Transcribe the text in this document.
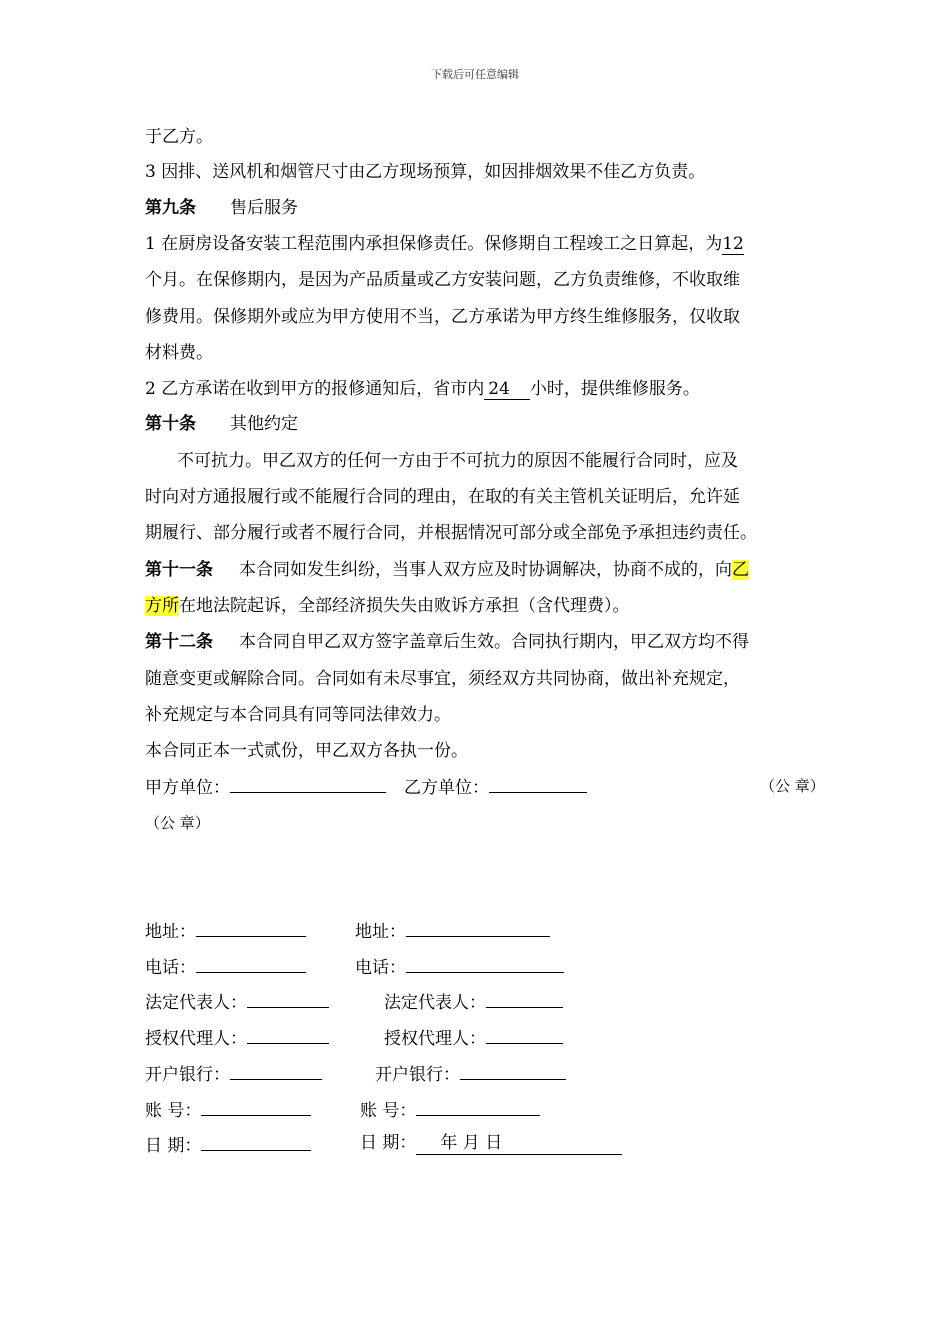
下载后可任意编辑
于乙方。
3 因排、送风机和烟管尺寸由乙方现场预算，如因排烟效果不佳乙方负责。
第九条 售后服务
1 在厨房设备安装工程范围内承担保修责任。保修期自工程竣工之日算起，为12
个月。在保修期内，是因为产品质量或乙方安装问题，乙方负责维修，不收取维
修费用。保修期外或应为甲方使用不当，乙方承诺为甲方终生维修服务，仅收取
材料费。
2 乙方承诺在收到甲方的报修通知后，省市内 24 小时，提供维修服务。
第十条 其他约定
不可抗力。甲乙双方的任何一方由于不可抗力的原因不能履行合同时，应及
时向对方通报履行或不能履行合同的理由，在取的有关主管机关证明后，允许延
期履行、部分履行或者不履行合同，并根据情况可部分或全部免予承担违约责任。
第十一条 本合同如发生纠纷，当事人双方应及时协调解决，协商不成的，向乙
方所在地法院起诉，全部经济损失失由败诉方承担（含代理费）。
第十二条 本合同自甲乙双方签字盖章后生效。合同执行期内，甲乙双方均不得
随意变更或解除合同。合同如有未尽事宜，须经双方共同协商，做出补充规定，
补充规定与本合同具有同等同法律效力。
本合同正本一式贰份，甲乙双方各执一份。
甲方单位：	乙方单位：	（公 章）
（公 章）
地址：	地址：
电话：	电话：
法定代表人：	法定代表人：
授权代理人：	授权代理人：
开户银行：	开户银行：
账 号：	账 号：
日 期：	日 期： 年 月 日
